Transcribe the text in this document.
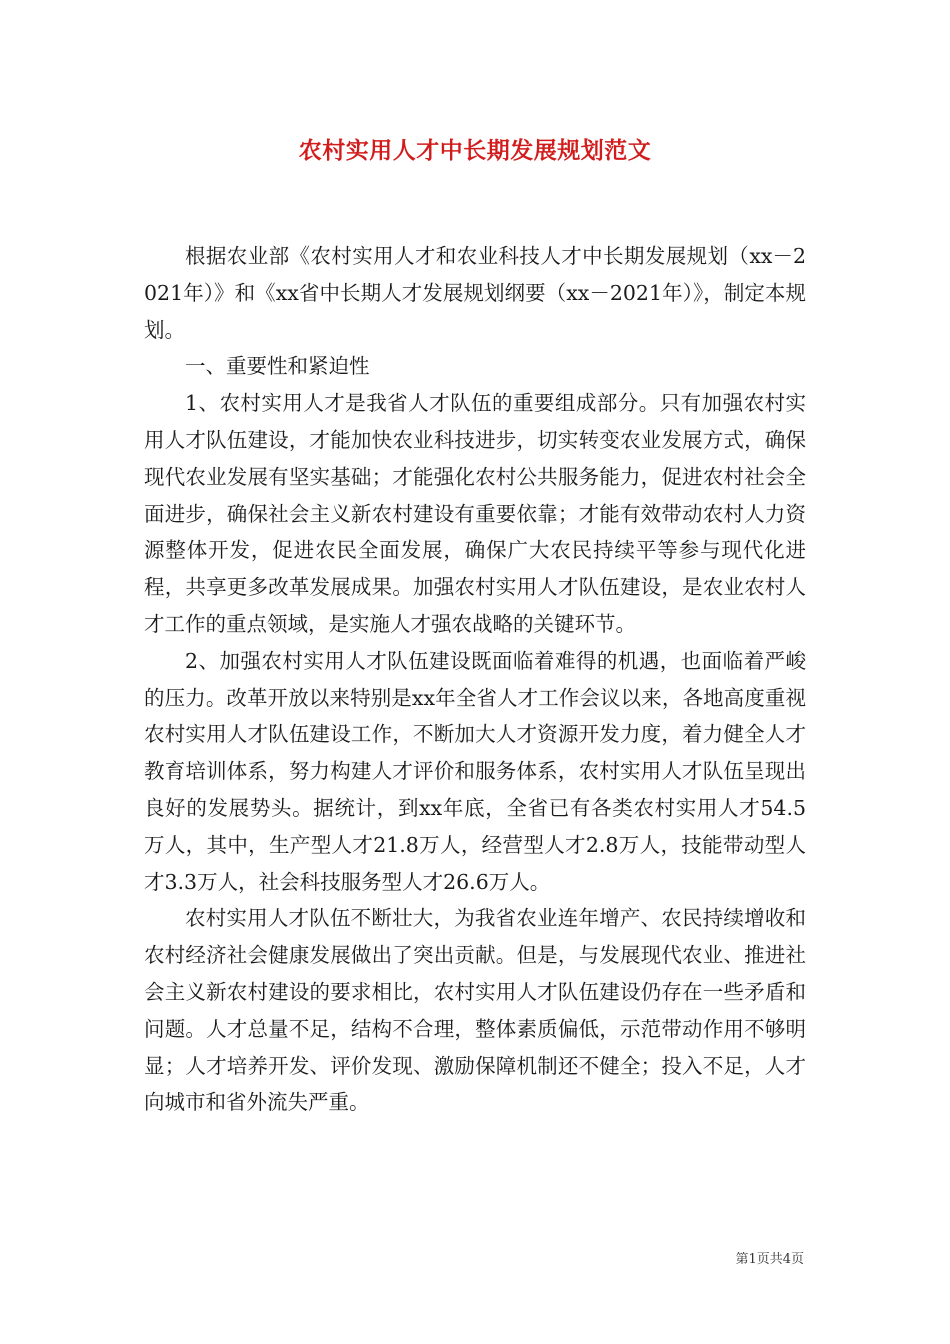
农村实用人才中长期发展规划范文

根据农业部《农村实用人才和农业科技人才中长期发展规划（xx－2021年）》和《xx省中长期人才发展规划纲要（xx－2021年）》，制定本规划。

一、重要性和紧迫性

1、农村实用人才是我省人才队伍的重要组成部分。只有加强农村实用人才队伍建设，才能加快农业科技进步，切实转变农业发展方式，确保现代农业发展有坚实基础；才能强化农村公共服务能力，促进农村社会全面进步，确保社会主义新农村建设有重要依靠；才能有效带动农村人力资源整体开发，促进农民全面发展，确保广大农民持续平等参与现代化进程，共享更多改革发展成果。加强农村实用人才队伍建设，是农业农村人才工作的重点领域，是实施人才强农战略的关键环节。

2、加强农村实用人才队伍建设既面临着难得的机遇，也面临着严峻的压力。改革开放以来特别是xx年全省人才工作会议以来，各地高度重视农村实用人才队伍建设工作，不断加大人才资源开发力度，着力健全人才教育培训体系，努力构建人才评价和服务体系，农村实用人才队伍呈现出良好的发展势头。据统计，到xx年底，全省已有各类农村实用人才54.5万人，其中，生产型人才21.8万人，经营型人才2.8万人，技能带动型人才3.3万人，社会科技服务型人才26.6万人。

农村实用人才队伍不断壮大，为我省农业连年增产、农民持续增收和农村经济社会健康发展做出了突出贡献。但是，与发展现代农业、推进社会主义新农村建设的要求相比，农村实用人才队伍建设仍存在一些矛盾和问题。人才总量不足，结构不合理，整体素质偏低，示范带动作用不够明显；人才培养开发、评价发现、激励保障机制还不健全；投入不足，人才向城市和省外流失严重。

第1页共4页
